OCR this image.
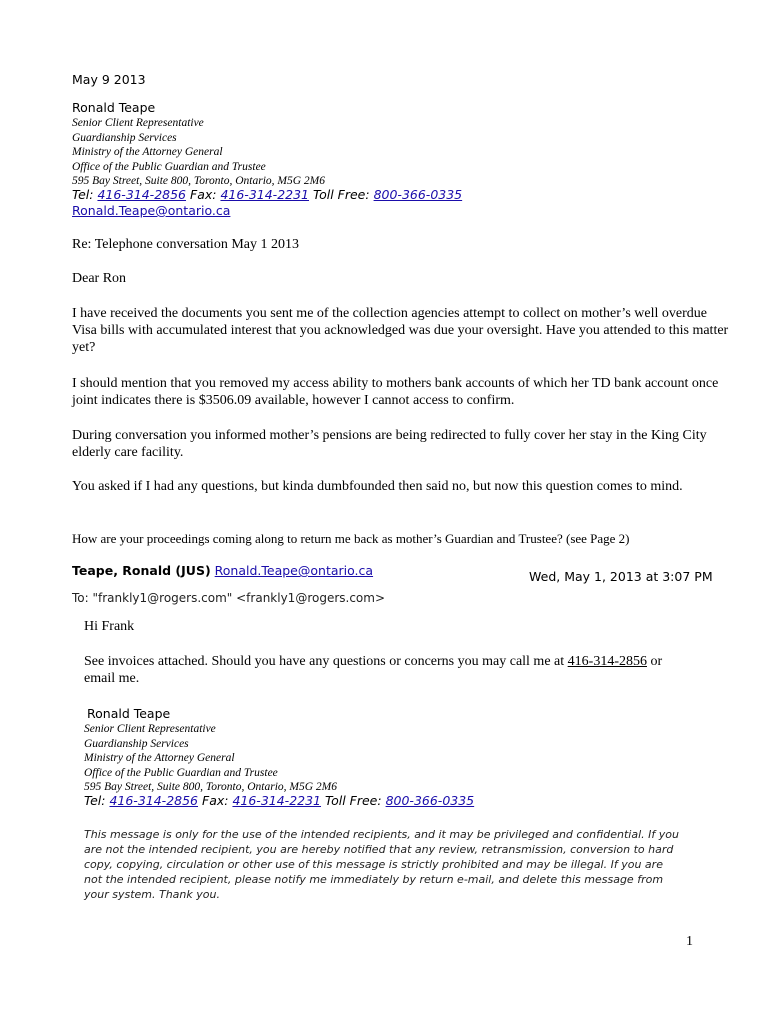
May 9 2013
Ronald Teape
Senior Client Representative
Guardianship Services
Ministry of the Attorney General
Office of the Public Guardian and Trustee
595 Bay Street, Suite 800, Toronto, Ontario, M5G 2M6
Tel: 416-314-2856 Fax: 416-314-2231 Toll Free: 800-366-0335
Ronald.Teape@ontario.ca
Re: Telephone conversation May 1 2013
Dear Ron
I have received the documents you sent me of the collection agencies attempt to collect on mother’s well overdue Visa bills with accumulated interest that you acknowledged was due your oversight. Have you attended to this matter yet?
I should mention that you removed my access ability to mothers bank accounts of which her TD bank account once joint indicates there is $3506.09 available, however I cannot access to confirm.
During conversation you informed mother’s pensions are being redirected to fully cover her stay in the King City elderly care facility.
You asked if I had any questions, but kinda dumbfounded then said no, but now this question comes to mind.
How are your proceedings coming along to return me back as mother’s Guardian and Trustee? (see Page 2)
Teape, Ronald (JUS) Ronald.Teape@ontario.ca	Wed, May 1, 2013 at 3:07 PM
To: "frankly1@rogers.com" <frankly1@rogers.com>
Hi Frank
See invoices attached. Should you have any questions or concerns you may call me at 416-314-2856 or email me.
Ronald Teape
Senior Client Representative
Guardianship Services
Ministry of the Attorney General
Office of the Public Guardian and Trustee
595 Bay Street, Suite 800, Toronto, Ontario, M5G 2M6
Tel: 416-314-2856 Fax: 416-314-2231 Toll Free: 800-366-0335
This message is only for the use of the intended recipients, and it may be privileged and confidential. If you are not the intended recipient, you are hereby notified that any review, retransmission, conversion to hard copy, copying, circulation or other use of this message is strictly prohibited and may be illegal. If you are not the intended recipient, please notify me immediately by return e-mail, and delete this message from your system. Thank you.
1
